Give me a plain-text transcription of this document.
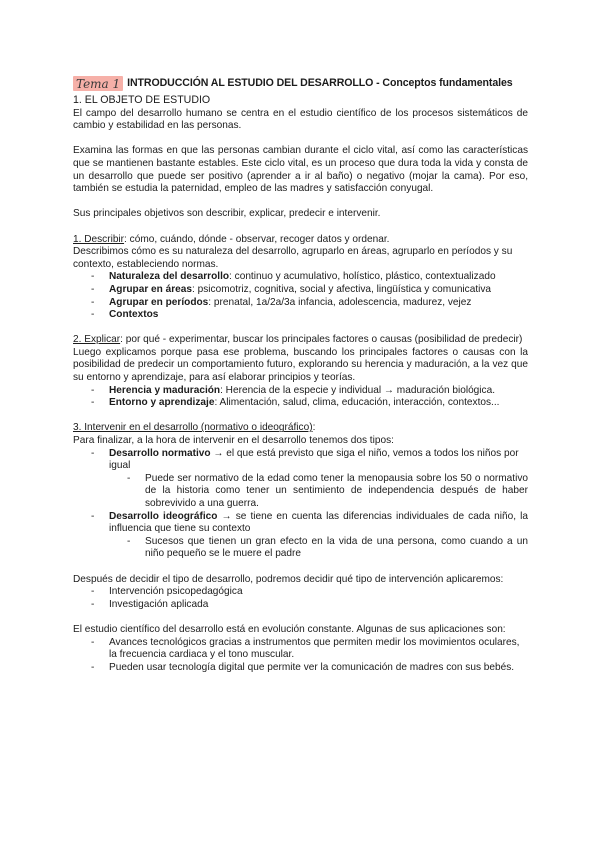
Tema 1 INTRODUCCIÓN AL ESTUDIO DEL DESARROLLO - Conceptos fundamentales

1. EL OBJETO DE ESTUDIO

El campo del desarrollo humano se centra en el estudio científico de los procesos sistemáticos de cambio y estabilidad en las personas.

Examina las formas en que las personas cambian durante el ciclo vital, así como las características que se mantienen bastante estables. Este ciclo vital, es un proceso que dura toda la vida y consta de un desarrollo que puede ser positivo (aprender a ir al baño) o negativo (mojar la cama). Por eso, también se estudia la paternidad, empleo de las madres y satisfacción conyugal.

Sus principales objetivos son describir, explicar, predecir e intervenir.

1. Describir: cómo, cuándo, dónde - observar, recoger datos y ordenar.

Describimos cómo es su naturaleza del desarrollo, agruparlo en áreas, agruparlo en períodos y su contexto, estableciendo normas.

- Naturaleza del desarrollo: continuo y acumulativo, holístico, plástico, contextualizado
- Agrupar en áreas: psicomotriz, cognitiva, social y afectiva, lingüística y comunicativa
- Agrupar en períodos: prenatal, 1a/2a/3a infancia, adolescencia, madurez, vejez
- Contextos

2. Explicar: por qué - experimentar, buscar los principales factores o causas (posibilidad de predecir)

Luego explicamos porque pasa ese problema, buscando los principales factores o causas con la posibilidad de predecir un comportamiento futuro, explorando su herencia y maduración, a la vez que su entorno y aprendizaje, para así elaborar principios y teorías.

- Herencia y maduración: Herencia de la especie y individual → maduración biológica.
- Entorno y aprendizaje: Alimentación, salud, clima, educación, interacción, contextos...

3. Intervenir en el desarrollo (normativo o ideográfico):

Para finalizar, a la hora de intervenir en el desarrollo tenemos dos tipos:

- Desarrollo normativo → el que está previsto que siga el niño, vemos a todos los niños por igual
- Puede ser normativo de la edad como tener la menopausia sobre los 50 o normativo de la historia como tener un sentimiento de independencia después de haber sobrevivido a una guerra.
- Desarrollo ideográfico → se tiene en cuenta las diferencias individuales de cada niño, la influencia que tiene su contexto
- Sucesos que tienen un gran efecto en la vida de una persona, como cuando a un niño pequeño se le muere el padre

Después de decidir el tipo de desarrollo, podremos decidir qué tipo de intervención aplicaremos:

- Intervención psicopedagógica
- Investigación aplicada

El estudio científico del desarrollo está en evolución constante. Algunas de sus aplicaciones son:

- Avances tecnológicos gracias a instrumentos que permiten medir los movimientos oculares, la frecuencia cardiaca y el tono muscular.
- Pueden usar tecnología digital que permite ver la comunicación de madres con sus bebés.
